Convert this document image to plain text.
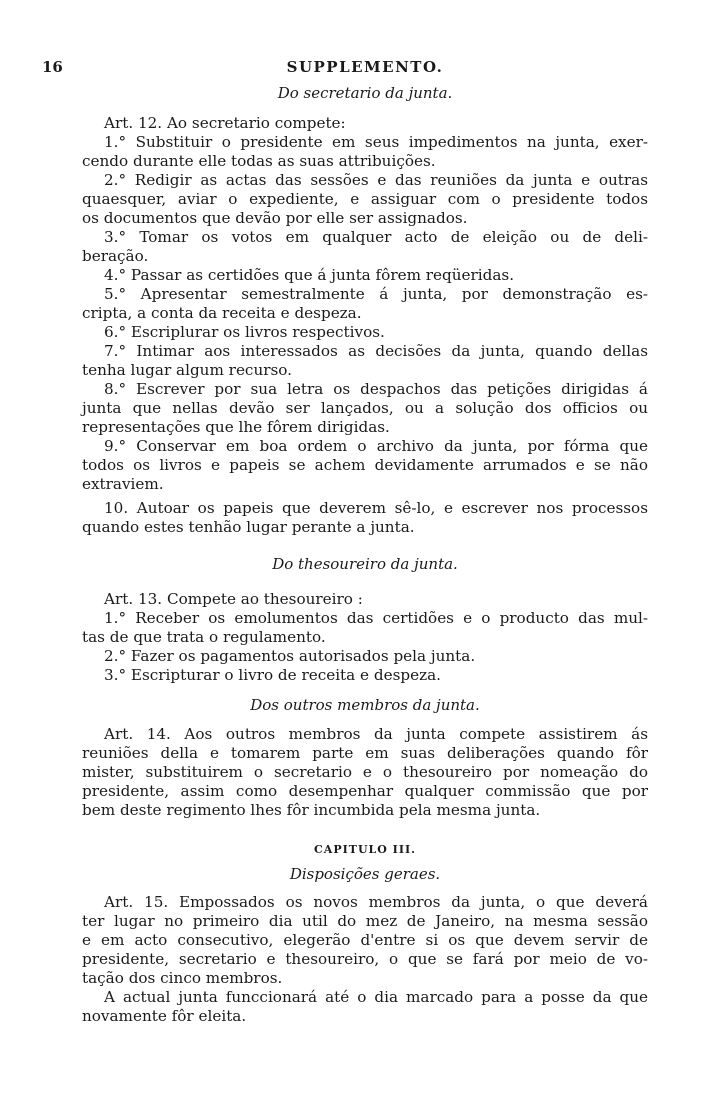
16	SUPPLEMENTO.
Do secretario da junta.
Art. 12. Ao secretario compete:
1.° Substituir o presidente em seus impedimentos na junta, exer-
cendo durante elle todas as suas attribuições.
2.° Redigir as actas das sessões e das reuniões da junta e outras
quaesquer, aviar o expediente, e assiguar com o presidente todos
os documentos que devão por elle ser assignados.
3.° Tomar os votos em qualquer acto de eleição ou de deli-
beração.
4.° Passar as certidões que á junta fôrem reqüeridas.
5.° Apresentar semestralmente á junta, por demonstração es-
cripta, a conta da receita e despeza.
6.° Escriplurar os livros respectivos.
7.° Intimar aos interessados as decisões da junta, quando dellas
tenha lugar algum recurso.
8.° Escrever por sua letra os despachos das petições dirigidas á
junta que nellas devão ser lançados, ou a solução dos officios ou
representações que lhe fôrem dirigidas.
9.° Conservar em boa ordem o archivo da junta, por fórma que
todos os livros e papeis se achem devidamente arrumados e se não
extraviem.
10. Autoar os papeis que deverem sê-lo, e escrever nos processos
quando estes tenhão lugar perante a junta.
Do thesoureiro da junta.
Art. 13. Compete ao thesoureiro :
1.° Receber os emolumentos das certidões e o producto das mul-
tas de que trata o regulamento.
2.° Fazer os pagamentos autorisados pela junta.
3.° Escripturar o livro de receita e despeza.
Dos outros membros da junta.
Art. 14. Aos outros membros da junta compete assistirem ás
reuniões della e tomarem parte em suas deliberações quando fôr
mister, substituirem o secretario e o thesoureiro por nomeação do
presidente, assim como desempenhar qualquer commissão que por
bem deste regimento lhes fôr incumbida pela mesma junta.
CAPITULO III.
Disposições geraes.
Art. 15. Empossados os novos membros da junta, o que deverá
ter lugar no primeiro dia util do mez de Janeiro, na mesma sessão
e em acto consecutivo, elegerão d'entre si os que devem servir de
presidente, secretario e thesoureiro, o que se fará por meio de vo-
tação dos cinco membros.
A actual junta funccionará até o dia marcado para a posse da que
novamente fôr eleita.
